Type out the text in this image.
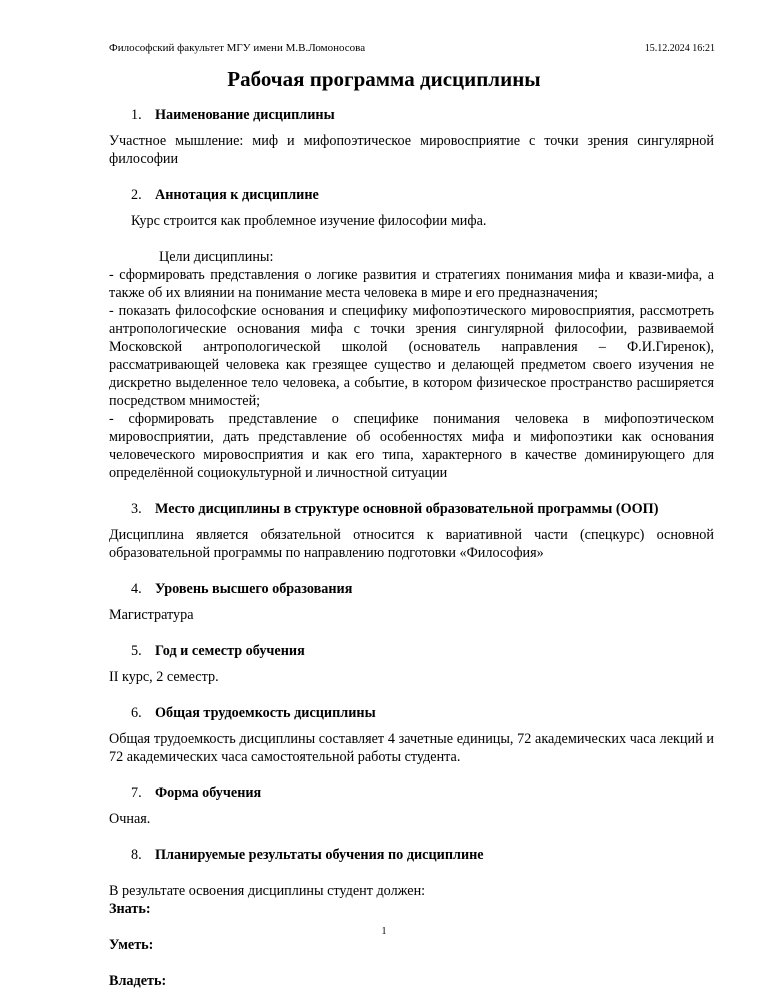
Философский факультет МГУ имени М.В.Ломоносова	15.12.2024 16:21
Рабочая программа дисциплины

1. Наименование дисциплины

Участное мышление: миф и мифопоэтическое мировосприятие с точки зрения сингулярной философии

2. Аннотация к дисциплине

Курс строится как проблемное изучение философии мифа.

Цели дисциплины:

- сформировать представления о логике развития и стратегиях понимания мифа и квази-мифа, а также об их влиянии на понимание места человека в мире и его предназначения;

- показать философские основания и специфику мифопоэтического мировосприятия, рассмотреть антропологические основания мифа с точки зрения сингулярной философии, развиваемой Московской антропологической школой (основатель направления – Ф.И.Гиренок), рассматривающей человека как грезящее существо и делающей предметом своего изучения не дискретно выделенное тело человека, а событие, в котором физическое пространство расширяется посредством мнимостей;

- сформировать представление о специфике понимания человека в мифопоэтическом мировосприятии, дать представление об особенностях мифа и мифопоэтики как основания человеческого мировосприятия и как его типа, характерного в качестве доминирующего для определённой социокультурной и личностной ситуации

3. Место дисциплины в структуре основной образовательной программы (ООП)

Дисциплина является обязательной относится к вариативной части (спецкурс) основной образовательной программы по направлению подготовки «Философия»

4. Уровень высшего образования

Магистратура

5. Год и семестр обучения

II курс, 2 семестр.

6. Общая трудоемкость дисциплины

Общая трудоемкость дисциплины составляет 4 зачетные единицы, 72 академических часа лекций и 72 академических часа самостоятельной работы студента.

7. Форма обучения

Очная.

8. Планируемые результаты обучения по дисциплине

В результате освоения дисциплины студент должен:

Знать:

Уметь:

Владеть:

1
